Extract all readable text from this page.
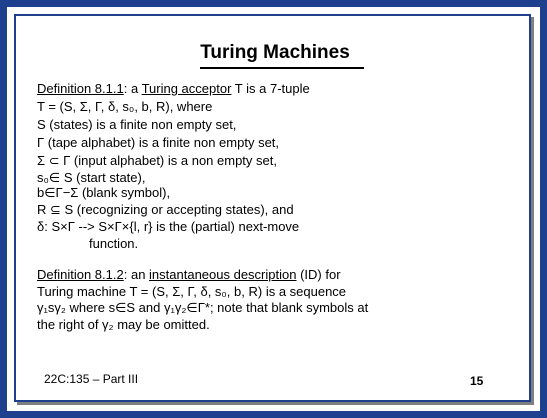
Turing Machines
Definition 8.1.1: a Turing acceptor T is a 7-tuple
T = (S, Σ, Γ, δ, s₀, b, R), where
S (states) is a finite non empty set,
Γ (tape alphabet) is a finite non empty set,
Σ ⊂ Γ (input alphabet) is a non empty set,
s₀∈ S (start state),
b∈Γ−Σ (blank symbol),
R ⊆ S (recognizing or accepting states), and
δ: S×Γ --> S×Γ×{l, r} is the (partial) next-move
function.
Definition 8.1.2: an instantaneous description (ID) for
Turing machine T = (S, Σ, Γ, δ, s₀, b, R) is a sequence
γ₁sγ₂ where s∈S and γ₁γ₂∈Γ*; note that blank symbols at
the right of γ₂ may be omitted.
22C:135 – Part III	15
